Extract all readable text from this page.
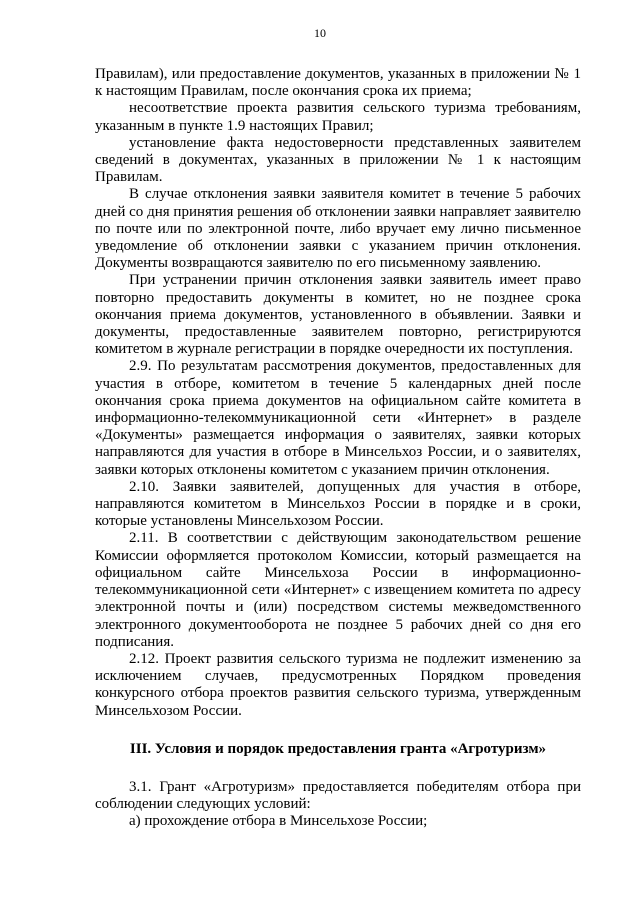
10

Правилам), или предоставление документов, указанных в приложении № 1 к настоящим Правилам, после окончания срока их приема;

несоответствие проекта развития сельского туризма требованиям, указанным в пункте 1.9 настоящих Правил;

установление факта недостоверности представленных заявителем сведений в документах, указанных в приложении № 1 к настоящим Правилам.

В случае отклонения заявки заявителя комитет в течение 5 рабочих дней со дня принятия решения об отклонении заявки направляет заявителю по почте или по электронной почте, либо вручает ему лично письменное уведомление об отклонении заявки с указанием причин отклонения. Документы возвращаются заявителю по его письменному заявлению.

При устранении причин отклонения заявки заявитель имеет право повторно предоставить документы в комитет, но не позднее срока окончания приема документов, установленного в объявлении. Заявки и документы, предоставленные заявителем повторно, регистрируются комитетом в журнале регистрации в порядке очередности их поступления.

2.9. По результатам рассмотрения документов, предоставленных для участия в отборе, комитетом в течение 5 календарных дней после окончания срока приема документов на официальном сайте комитета в информационно-телекоммуникационной сети «Интернет» в разделе «Документы» размещается информация о заявителях, заявки которых направляются для участия в отборе в Минсельхоз России, и о заявителях, заявки которых отклонены комитетом с указанием причин отклонения.

2.10. Заявки заявителей, допущенных для участия в отборе, направляются комитетом в Минсельхоз России в порядке и в сроки, которые установлены Минсельхозом России.

2.11. В соответствии с действующим законодательством решение Комиссии оформляется протоколом Комиссии, который размещается на официальном сайте Минсельхоза России в информационно-телекоммуникационной сети «Интернет» с извещением комитета по адресу электронной почты и (или) посредством системы межведомственного электронного документооборота не позднее 5 рабочих дней со дня его подписания.

2.12. Проект развития сельского туризма не подлежит изменению за исключением случаев, предусмотренных Порядком проведения конкурсного отбора проектов развития сельского туризма, утвержденным Минсельхозом России.

III. Условия и порядок предоставления гранта «Агротуризм»

3.1. Грант «Агротуризм» предоставляется победителям отбора при соблюдении следующих условий:

а) прохождение отбора в Минсельхозе России;
